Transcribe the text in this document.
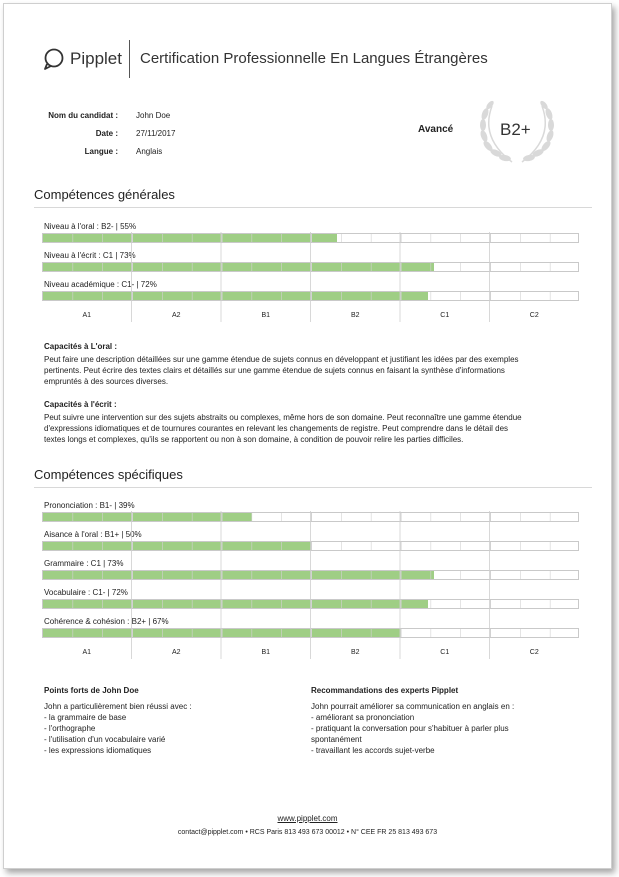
Pipplet Certification Professionnelle En Langues Étrangères
Nom du candidat : John Doe
Date : 27/11/2017
Langue : Anglais
Avancé	B2+
Compétences générales
Niveau à l'oral : B2- | 55%
Niveau à l'écrit : C1 | 73%
Niveau académique : C1- | 72%
A1	A2	B1	B2	C1	C2
Capacités à L'oral :
Peut faire une description détaillées sur une gamme étendue de sujets connus en développant et justifiant les idées par des exemples
pertinents. Peut écrire des textes clairs et détaillés sur une gamme étendue de sujets connus en faisant la synthèse d'informations
empruntés à des sources diverses.
Capacités à l'écrit :
Peut suivre une intervention sur des sujets abstraits ou complexes, même hors de son domaine. Peut reconnaître une gamme étendue
d'expressions idiomatiques et de tournures courantes en relevant les changements de registre. Peut comprendre dans le détail des
textes longs et complexes, qu'ils se rapportent ou non à son domaine, à condition de pouvoir relire les parties difficiles.
Compétences spécifiques
Prononciation : B1- | 39%
Aisance à l'oral : B1+ | 50%
Grammaire : C1 | 73%
Vocabulaire : C1- | 72%
Cohérence & cohésion : B2+ | 67%
A1	A2	B1	B2	C1	C2
Points forts de John Doe
John a particulièrement bien réussi avec :
- la grammaire de base
- l'orthographe
- l'utilisation d'un vocabulaire varié
- les expressions idiomatiques
Recommandations des experts Pipplet
John pourrait améliorer sa communication en anglais en :
- améliorant sa prononciation
- pratiquant la conversation pour s'habituer à parler plus
spontanément
- travaillant les accords sujet-verbe
www.pipplet.com
contact@pipplet.com • RCS Paris 813 493 673 00012 • N° CEE FR 25 813 493 673
